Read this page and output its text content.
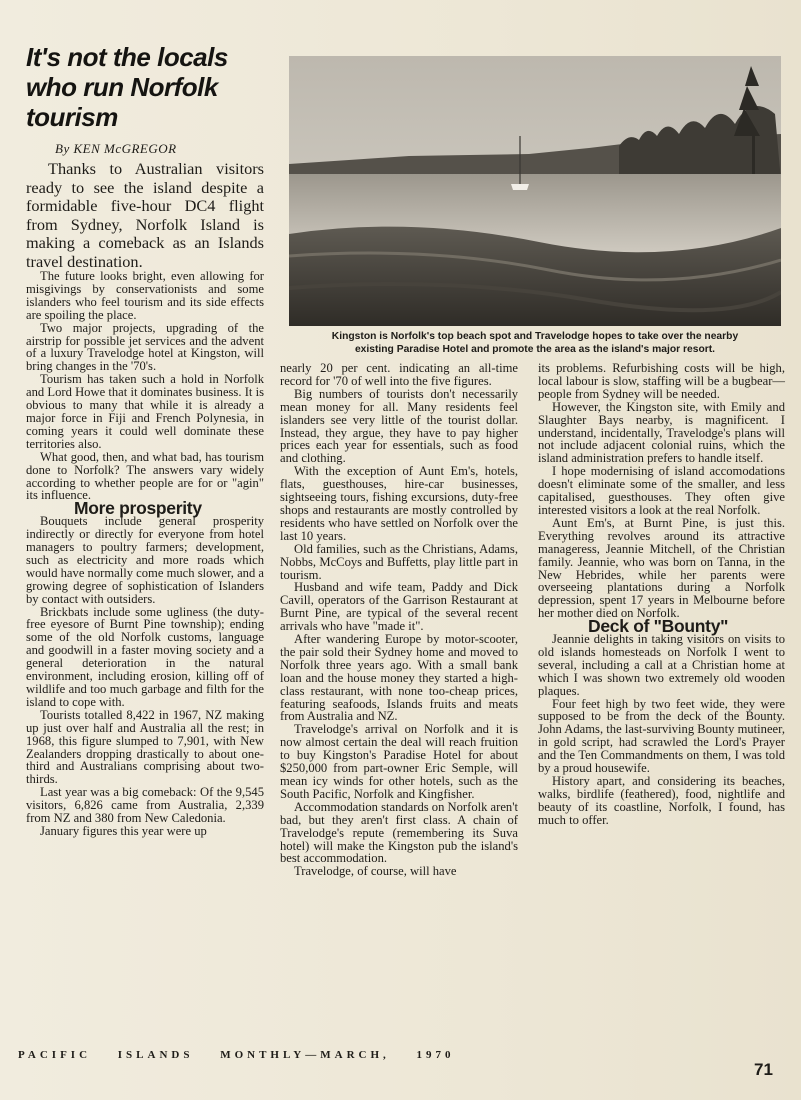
It's not the locals who run Norfolk tourism
By KEN McGREGOR
Thanks to Australian visitors ready to see the island despite a formidable five-hour DC4 flight from Sydney, Norfolk Island is making a comeback as an Islands travel destination.
Kingston is Norfolk's top beach spot and Travelodge hopes to take over the nearby
existing Paradise Hotel and promote the area as the island's major resort.

The future looks bright, even allowing for misgivings by conservationists and some islanders who feel tourism and its side effects are spoiling the place.

Two major projects, upgrading of the airstrip for possible jet services and the advent of a luxury Travelodge hotel at Kingston, will bring changes in the '70's.

Tourism has taken such a hold in Norfolk and Lord Howe that it dominates business. It is obvious to many that while it is already a major force in Fiji and French Polynesia, in coming years it could well dominate these territories also.

What good, then, and what bad, has tourism done to Norfolk? The answers vary widely according to whether people are for or "agin" its influence.

More prosperity

Bouquets include general prosperity indirectly or directly for everyone from hotel managers to poultry farmers; development, such as electricity and more roads which would have normally come much slower, and a growing degree of sophistication of Islanders by contact with outsiders.

Brickbats include some ugliness (the duty-free eyesore of Burnt Pine township); ending some of the old Norfolk customs, language and goodwill in a faster moving society and a general deterioration in the natural environment, including erosion, killing off of wildlife and too much garbage and filth for the island to cope with.

Tourists totalled 8,422 in 1967, NZ making up just over half and Australia all the rest; in 1968, this figure slumped to 7,901, with New Zealanders dropping drastically to about one-third and Australians comprising about two-thirds.

Last year was a big comeback: Of the 9,545 visitors, 6,826 came from Australia, 2,339 from NZ and 380 from New Caledonia.

January figures this year were up

nearly 20 per cent. indicating an all-time record for '70 of well into the five figures.

Big numbers of tourists don't necessarily mean money for all. Many residents feel islanders see very little of the tourist dollar. Instead, they argue, they have to pay higher prices each year for essentials, such as food and clothing.

With the exception of Aunt Em's, hotels, flats, guesthouses, hire-car businesses, sightseeing tours, fishing excursions, duty-free shops and restaurants are mostly controlled by residents who have settled on Norfolk over the last 10 years.

Old families, such as the Christians, Adams, Nobbs, McCoys and Buffetts, play little part in tourism.

Husband and wife team, Paddy and Dick Cavill, operators of the Garrison Restaurant at Burnt Pine, are typical of the several recent arrivals who have "made it".

After wandering Europe by motor-scooter, the pair sold their Sydney home and moved to Norfolk three years ago. With a small bank loan and the house money they started a high-class restaurant, with none too-cheap prices, featuring seafoods, Islands fruits and meats from Australia and NZ.

Travelodge's arrival on Norfolk and it is now almost certain the deal will reach fruition to buy Kingston's Paradise Hotel for about $250,000 from part-owner Eric Semple, will mean icy winds for other hotels, such as the South Pacific, Norfolk and Kingfisher.

Accommodation standards on Norfolk aren't bad, but they aren't first class. A chain of Travelodge's repute (remembering its Suva hotel) will make the Kingston pub the island's best accommodation.

Travelodge, of course, will have

its problems. Refurbishing costs will be high, local labour is slow, staffing will be a bugbear—people from Sydney will be needed.

However, the Kingston site, with Emily and Slaughter Bays nearby, is magnificent. I understand, incidentally, Travelodge's plans will not include adjacent colonial ruins, which the island administration prefers to handle itself.

I hope modernising of island accomodations doesn't eliminate some of the smaller, and less capitalised, guesthouses. They often give interested visitors a look at the real Norfolk.

Aunt Em's, at Burnt Pine, is just this. Everything revolves around its attractive manageress, Jeannie Mitchell, of the Christian family. Jeannie, who was born on Tanna, in the New Hebrides, while her parents were overseeing plantations during a Norfolk depression, spent 17 years in Melbourne before her mother died on Norfolk.

Deck of "Bounty"

Jeannie delights in taking visitors on visits to old islands homesteads on Norfolk I went to several, including a call at a Christian home at which I was shown two extremely old wooden plaques.

Four feet high by two feet wide, they were supposed to be from the deck of the Bounty. John Adams, the last-surviving Bounty mutineer, in gold script, had scrawled the Lord's Prayer and the Ten Commandments on them, I was told by a proud housewife.

History apart, and considering its beaches, walks, birdlife (feathered), food, nightlife and beauty of its coastline, Norfolk, I found, has much to offer.

PACIFIC ISLANDS MONTHLY—MARCH, 1970
71
